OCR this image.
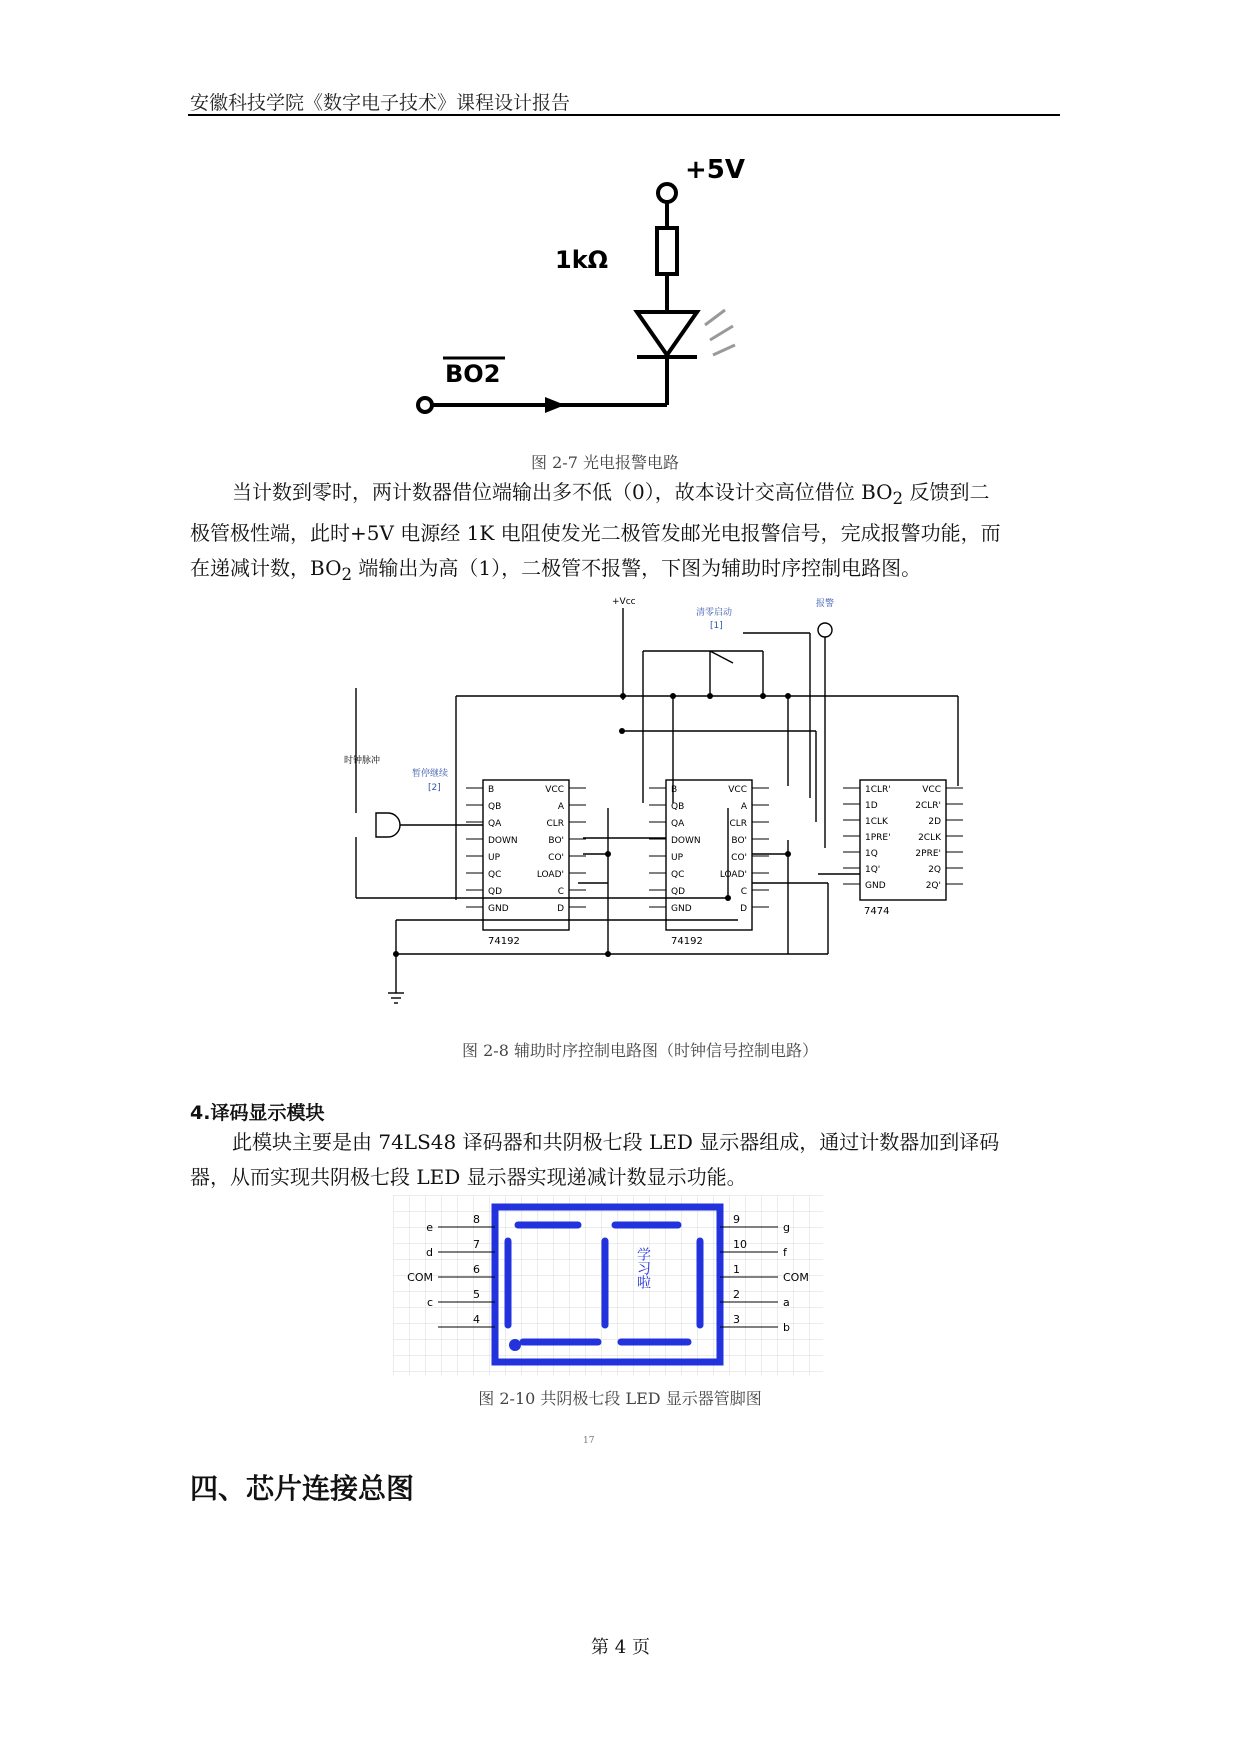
安徽科技学院《数字电子技术》课程设计报告
+5V
1kΩ
BO2
图 2-7 光电报警电路
当计数到零时，两计数器借位端输出多不低（0），故本设计交高位借位 $BO_2$ 反馈到二
极管极性端，此时+5V 电源经 1K 电阻使发光二极管发邮光电报警信号，完成报警功能，而
在递减计数，$BO_2$ 端输出为高（1），二极管不报警，下图为辅助时序控制电路图。
+Vcc
清零启动
[1]
报警
时钟脉冲
暂停继续
[2]
74192	74192
7474
B
QB
QA
DOWN
UP
QC
QD
GND
VCC
A
CLR
BO'
CO'
LOAD'
C
D
B
QB
QA
DOWN
UP
QC
QD
GND
VCC
A
CLR
BO'
CO'
LOAD'
C
D
1CLR'
1D
1CLK
1PRE'
1Q
1Q'
GND
VCC
2CLR'
2D
2CLK
2PRE'
2Q
2Q'
图 2-8 辅助时序控制电路图（时钟信号控制电路）
4.译码显示模块
此模块主要是由 74LS48 译码器和共阴极七段 LED 显示器组成，通过计数器加到译码
器，从而实现共阴极七段 LED 显示器实现递减计数显示功能。
学习啦
8	9
e	g
7	10
d	f
6	1
COM	COM
5	2
c	a
4	3
b
图 2-10 共阴极七段 LED 显示器管脚图
17
四、芯片连接总图
第 4 页
